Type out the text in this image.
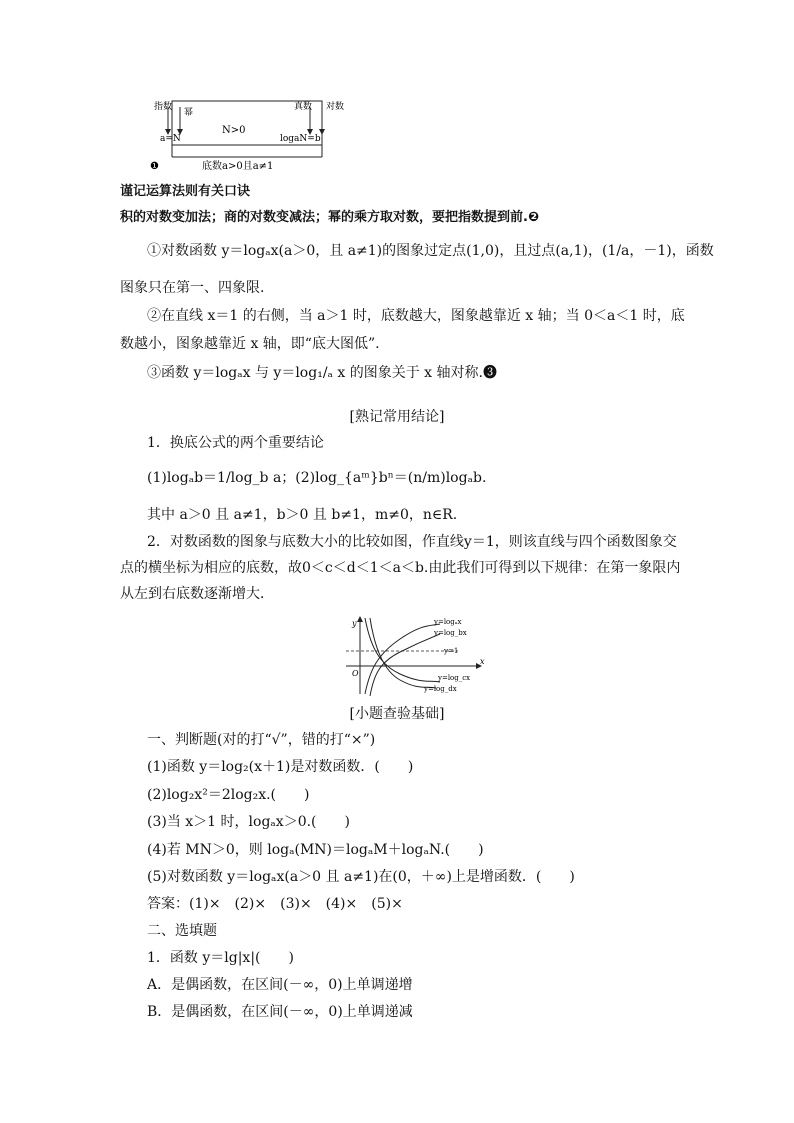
指数
幂
真数 对数
a=N
N>0
logaN=b
❶	底数a>0且a≠1
谨记运算法则有关口诀
积的对数变加法；商的对数变减法；幂的乘方取对数，要把指数提到前.❷
①对数函数 y＝logₐx(a＞0，且 a≠1)的图象过定点(1,0)，且过点(a,1)，(1/a，－1)，函数
图象只在第一、四象限.
②在直线 x＝1 的右侧，当 a＞1 时，底数越大，图象越靠近 x 轴；当 0＜a＜1 时，底
数越小，图象越靠近 x 轴，即“底大图低”.
③函数 y＝logₐx 与 y＝log₁/ₐ x 的图象关于 x 轴对称.❸
[熟记常用结论]
1．换底公式的两个重要结论
(1)logₐb＝1/log_b a；(2)log_{aᵐ}bⁿ＝(n/m)logₐb.
其中 a＞0 且 a≠1，b＞0 且 b≠1，m≠0，n∈R.
2．对数函数的图象与底数大小的比较如图，作直线y＝1，则该直线与四个函数图象交
点的横坐标为相应的底数，故0＜c＜d＜1＜a＜b.由此我们可得到以下规律：在第一象限内
从左到右底数逐渐增大．
y
x
O
y=1
y=logₐx
y=log_bx
y=log_cx
y=log_dx
[小题查验基础]
一、判断题(对的打“√”，错的打“×”)
(1)函数 y＝log₂(x＋1)是对数函数．(　　)
(2)log₂x²＝2log₂x.(　　)
(3)当 x＞1 时，logₐx＞0.(　　)
(4)若 MN＞0，则 logₐ(MN)＝logₐM＋logₐN.(　　)
(5)对数函数 y＝logₐx(a＞0 且 a≠1)在(0，＋∞)上是增函数．(　　)
答案：(1)×　(2)×　(3)×　(4)×　(5)×
二、选填题
1．函数 y＝lg|x|(　　)
A．是偶函数，在区间(－∞，0)上单调递增
B．是偶函数，在区间(－∞，0)上单调递减
